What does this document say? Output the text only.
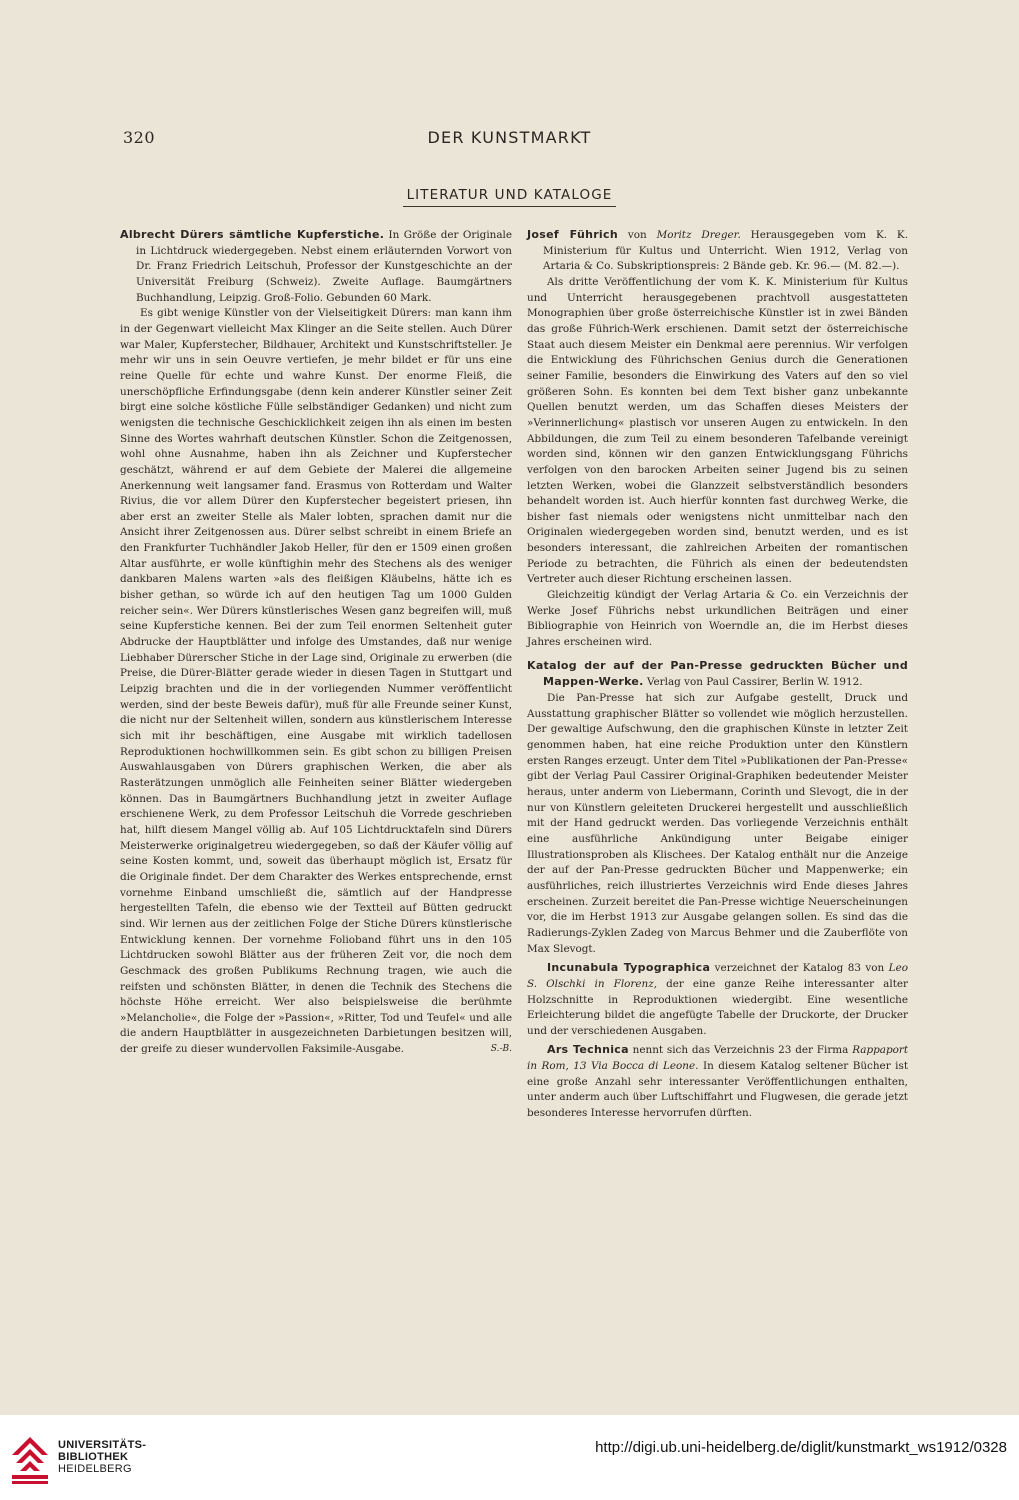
320	DER KUNSTMARKT
LITERATUR UND KATALOGE

Albrecht Dürers sämtliche Kupferstiche. In Größe der Originale in Lichtdruck wiedergegeben. Nebst einem erläuternden Vorwort von Dr. Franz Friedrich Leitschuh, Professor der Kunstgeschichte an der Universität Freiburg (Schweiz). Zweite Auflage. Baumgärtners Buchhandlung, Leipzig. Groß-Folio. Gebunden 60 Mark.

Es gibt wenige Künstler von der Vielseitigkeit Dürers: man kann ihm in der Gegenwart vielleicht Max Klinger an die Seite stellen. Auch Dürer war Maler, Kupferstecher, Bildhauer, Architekt und Kunstschriftsteller. Je mehr wir uns in sein Oeuvre vertiefen, je mehr bildet er für uns eine reine Quelle für echte und wahre Kunst. Der enorme Fleiß, die unerschöpfliche Erfindungsgabe (denn kein anderer Künstler seiner Zeit birgt eine solche köstliche Fülle selbständiger Gedanken) und nicht zum wenigsten die technische Geschicklichkeit zeigen ihn als einen im besten Sinne des Wortes wahrhaft deutschen Künstler. Schon die Zeitgenossen, wohl ohne Ausnahme, haben ihn als Zeichner und Kupferstecher geschätzt, während er auf dem Gebiete der Malerei die allgemeine Anerkennung weit langsamer fand. Erasmus von Rotterdam und Walter Rivius, die vor allem Dürer den Kupferstecher begeistert priesen, ihn aber erst an zweiter Stelle als Maler lobten, sprachen damit nur die Ansicht ihrer Zeitgenossen aus. Dürer selbst schreibt in einem Briefe an den Frankfurter Tuchhändler Jakob Heller, für den er 1509 einen großen Altar ausführte, er wolle künftighin mehr des Stechens als des weniger dankbaren Malens warten »als des fleißigen Kläubelns, hätte ich es bisher gethan, so würde ich auf den heutigen Tag um 1000 Gulden reicher sein«. Wer Dürers künstlerisches Wesen ganz begreifen will, muß seine Kupferstiche kennen. Bei der zum Teil enormen Seltenheit guter Abdrucke der Hauptblätter und infolge des Umstandes, daß nur wenige Liebhaber Dürerscher Stiche in der Lage sind, Originale zu erwerben (die Preise, die Dürer-Blätter gerade wieder in diesen Tagen in Stuttgart und Leipzig brachten und die in der vorliegenden Nummer veröffentlicht werden, sind der beste Beweis dafür), muß für alle Freunde seiner Kunst, die nicht nur der Seltenheit willen, sondern aus künstlerischem Interesse sich mit ihr beschäftigen, eine Ausgabe mit wirklich tadellosen Reproduktionen hochwillkommen sein. Es gibt schon zu billigen Preisen Auswahlausgaben von Dürers graphischen Werken, die aber als Rasterätzungen unmöglich alle Feinheiten seiner Blätter wiedergeben können. Das in Baumgärtners Buchhandlung jetzt in zweiter Auflage erschienene Werk, zu dem Professor Leitschuh die Vorrede geschrieben hat, hilft diesem Mangel völlig ab. Auf 105 Lichtdrucktafeln sind Dürers Meisterwerke originalgetreu wiedergegeben, so daß der Käufer völlig auf seine Kosten kommt, und, soweit das überhaupt möglich ist, Ersatz für die Originale findet. Der dem Charakter des Werkes entsprechende, ernst vornehme Einband umschließt die, sämtlich auf der Handpresse hergestellten Tafeln, die ebenso wie der Textteil auf Bütten gedruckt sind. Wir lernen aus der zeitlichen Folge der Stiche Dürers künstlerische Entwicklung kennen. Der vornehme Folioband führt uns in den 105 Lichtdrucken sowohl Blätter aus der früheren Zeit vor, die noch dem Geschmack des großen Publikums Rechnung tragen, wie auch die reifsten und schönsten Blätter, in denen die Technik des Stechens die höchste Höhe erreicht. Wer also beispielsweise die berühmte »Melancholie«, die Folge der »Passion«, »Ritter, Tod und Teufel« und alle die andern Hauptblätter in ausgezeichneten Darbietungen besitzen will, der greife zu dieser wundervollen Faksimile-Ausgabe.	S.-B.

Josef Führich von Moritz Dreger. Herausgegeben vom K. K. Ministerium für Kultus und Unterricht. Wien 1912, Verlag von Artaria & Co. Subskriptionspreis: 2 Bände geb. Kr. 96.— (M. 82.—).

Als dritte Veröffentlichung der vom K. K. Ministerium für Kultus und Unterricht herausgegebenen prachtvoll ausgestatteten Monographien über große österreichische Künstler ist in zwei Bänden das große Führich-Werk erschienen. Damit setzt der österreichische Staat auch diesem Meister ein Denkmal aere perennius. Wir verfolgen die Entwicklung des Führichschen Genius durch die Generationen seiner Familie, besonders die Einwirkung des Vaters auf den so viel größeren Sohn. Es konnten bei dem Text bisher ganz unbekannte Quellen benutzt werden, um das Schaffen dieses Meisters der »Verinnerlichung« plastisch vor unseren Augen zu entwickeln. In den Abbildungen, die zum Teil zu einem besonderen Tafelbande vereinigt worden sind, können wir den ganzen Entwicklungsgang Führichs verfolgen von den barocken Arbeiten seiner Jugend bis zu seinen letzten Werken, wobei die Glanzzeit selbstverständlich besonders behandelt worden ist. Auch hierfür konnten fast durchweg Werke, die bisher fast niemals oder wenigstens nicht unmittelbar nach den Originalen wiedergegeben worden sind, benutzt werden, und es ist besonders interessant, die zahlreichen Arbeiten der romantischen Periode zu betrachten, die Führich als einen der bedeutendsten Vertreter auch dieser Richtung erscheinen lassen.

Gleichzeitig kündigt der Verlag Artaria & Co. ein Verzeichnis der Werke Josef Führichs nebst urkundlichen Beiträgen und einer Bibliographie von Heinrich von Woerndle an, die im Herbst dieses Jahres erscheinen wird.

Katalog der auf der Pan-Presse gedruckten Bücher und Mappen-Werke. Verlag von Paul Cassirer, Berlin W. 1912.

Die Pan-Presse hat sich zur Aufgabe gestellt, Druck und Ausstattung graphischer Blätter so vollendet wie möglich herzustellen. Der gewaltige Aufschwung, den die graphischen Künste in letzter Zeit genommen haben, hat eine reiche Produktion unter den Künstlern ersten Ranges erzeugt. Unter dem Titel »Publikationen der Pan-Presse« gibt der Verlag Paul Cassirer Original-Graphiken bedeutender Meister heraus, unter anderm von Liebermann, Corinth und Slevogt, die in der nur von Künstlern geleiteten Druckerei hergestellt und ausschließlich mit der Hand gedruckt werden. Das vorliegende Verzeichnis enthält eine ausführliche Ankündigung unter Beigabe einiger Illustrationsproben als Klischees. Der Katalog enthält nur die Anzeige der auf der Pan-Presse gedruckten Bücher und Mappenwerke; ein ausführliches, reich illustriertes Verzeichnis wird Ende dieses Jahres erscheinen. Zurzeit bereitet die Pan-Presse wichtige Neuerscheinungen vor, die im Herbst 1913 zur Ausgabe gelangen sollen. Es sind das die Radierungs-Zyklen Zadeg von Marcus Behmer und die Zauberflöte von Max Slevogt.

Incunabula Typographica verzeichnet der Katalog 83 von Leo S. Olschki in Florenz, der eine ganze Reihe interessanter alter Holzschnitte in Reproduktionen wiedergibt. Eine wesentliche Erleichterung bildet die angefügte Tabelle der Druckorte, der Drucker und der verschiedenen Ausgaben.

Ars Technica nennt sich das Verzeichnis 23 der Firma Rappaport in Rom, 13 Via Bocca di Leone. In diesem Katalog seltener Bücher ist eine große Anzahl sehr interessanter Veröffentlichungen enthalten, unter anderm auch über Luftschiffahrt und Flugwesen, die gerade jetzt besonderes Interesse hervorrufen dürften.

UNIVERSITÄTS-
BIBLIOTHEK
HEIDELBERG
http://digi.ub.uni-heidelberg.de/diglit/kunstmarkt_ws1912/0328
